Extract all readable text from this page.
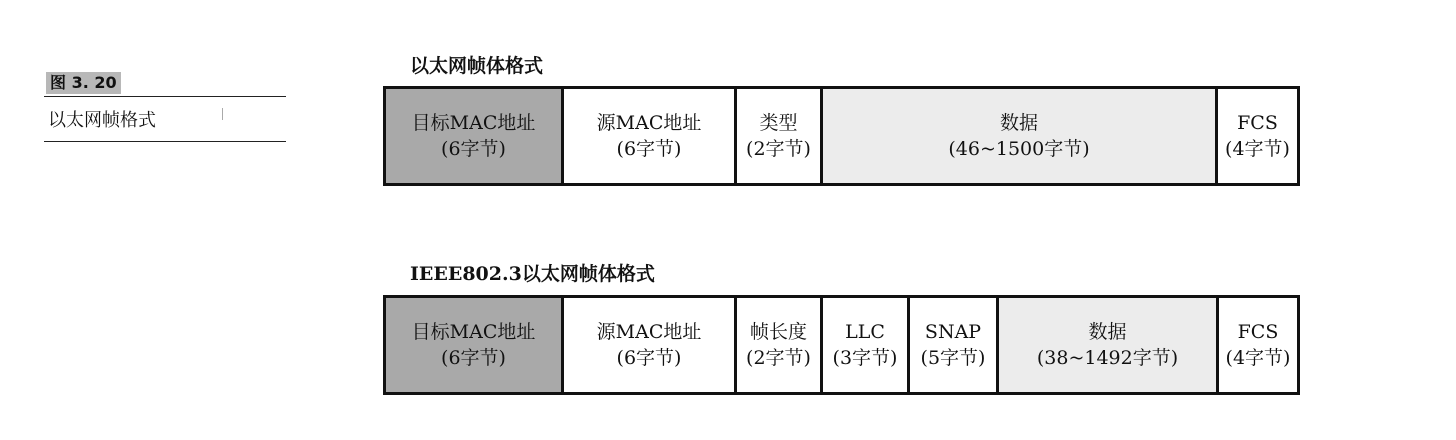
图 3. 20
以太网帧格式
以太网帧体格式
目标MAC地址
(6字节)
源MAC地址
(6字节)
类型
(2字节)
数据
(46~1500字节)
FCS
(4字节)
IEEE802.3以太网帧体格式
目标MAC地址
(6字节)
源MAC地址
(6字节)
帧长度
(2字节)
LLC
(3字节)
SNAP
(5字节)
数据
(38~1492字节)
FCS
(4字节)
